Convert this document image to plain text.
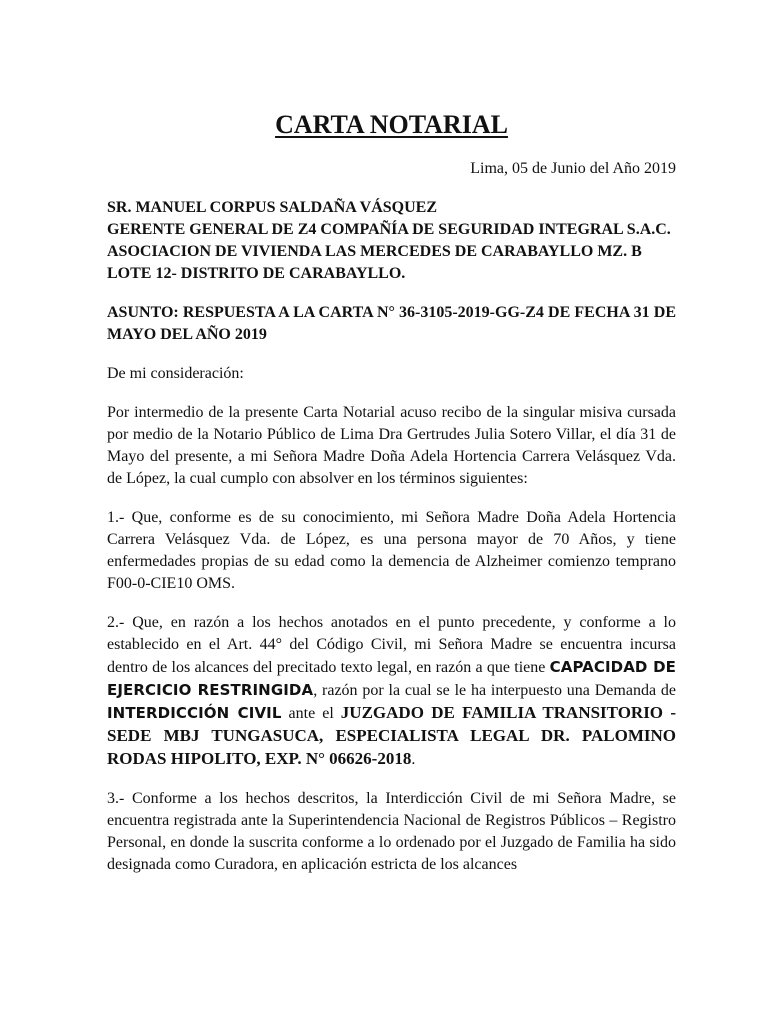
CARTA NOTARIAL

Lima, 05 de Junio del Año 2019

SR. MANUEL CORPUS SALDAÑA VÁSQUEZ

GERENTE GENERAL DE Z4 COMPAÑÍA DE SEGURIDAD INTEGRAL S.A.C.

ASOCIACION DE VIVIENDA LAS MERCEDES DE CARABAYLLO MZ. B LOTE 12- DISTRITO DE CARABAYLLO.

ASUNTO: RESPUESTA A LA CARTA N° 36-3105-2019-GG-Z4 DE FECHA 31 DE MAYO DEL AÑO 2019

De mi consideración:

Por intermedio de la presente Carta Notarial acuso recibo de la singular misiva cursada por medio de la Notario Público de Lima Dra Gertrudes Julia Sotero Villar, el día 31 de Mayo del presente, a mi Señora Madre Doña Adela Hortencia Carrera Velásquez Vda. de López, la cual cumplo con absolver en los términos siguientes:

1.- Que, conforme es de su conocimiento, mi Señora Madre Doña Adela Hortencia Carrera Velásquez Vda. de López, es una persona mayor de 70 Años, y tiene enfermedades propias de su edad como la demencia de Alzheimer comienzo temprano F00-0-CIE10 OMS.

2.- Que, en razón a los hechos anotados en el punto precedente, y conforme a lo establecido en el Art. 44° del Código Civil, mi Señora Madre se encuentra incursa dentro de los alcances del precitado texto legal, en razón a que tiene CAPACIDAD DE EJERCICIO RESTRINGIDA, razón por la cual se le ha interpuesto una Demanda de INTERDICCIÓN CIVIL ante el JUZGADO DE FAMILIA TRANSITORIO - SEDE MBJ TUNGASUCA, ESPECIALISTA LEGAL DR. PALOMINO RODAS HIPOLITO, EXP. N° 06626-2018.

3.- Conforme a los hechos descritos, la Interdicción Civil de mi Señora Madre, se encuentra registrada ante la Superintendencia Nacional de Registros Públicos – Registro Personal, en donde la suscrita conforme a lo ordenado por el Juzgado de Familia ha sido designada como Curadora, en aplicación estricta de los alcances
